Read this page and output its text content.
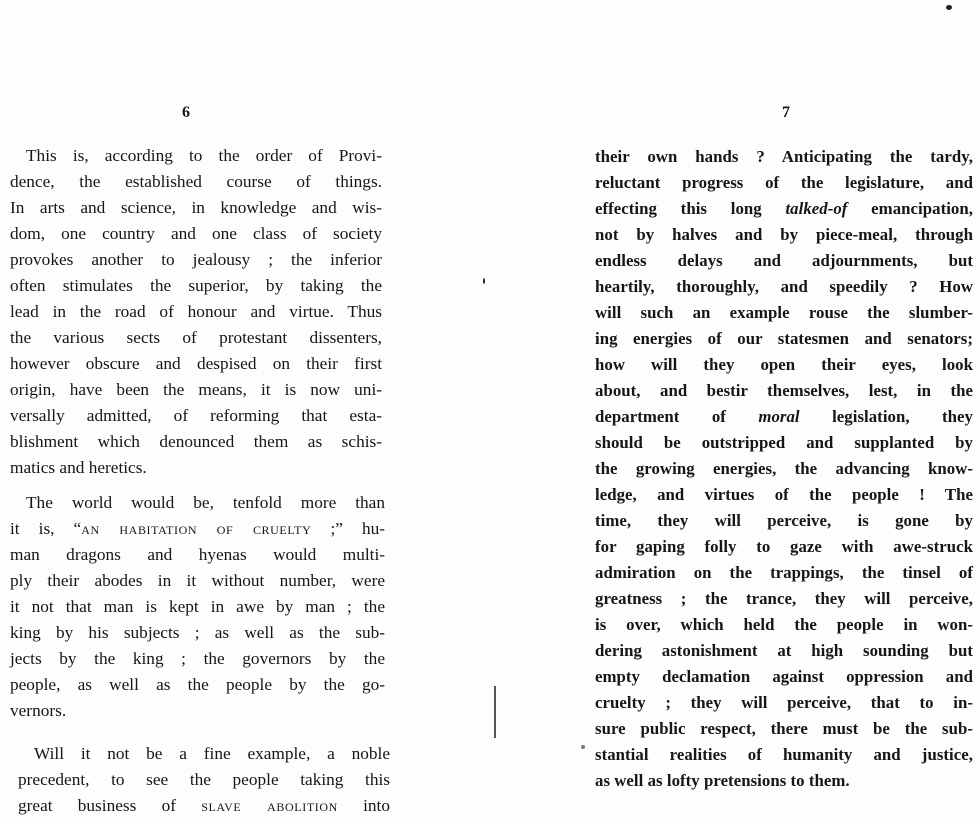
6
This is, according to the order of Provi-
dence, the established course of things.
In arts and science, in knowledge and wis-
dom, one country and one class of society
provokes another to jealousy ; the inferior
often stimulates the superior, by taking the
lead in the road of honour and virtue. Thus
the various sects of protestant dissenters,
however obscure and despised on their first
origin, have been the means, it is now uni-
versally admitted, of reforming that esta-
blishment which denounced them as schis-
matics and heretics.
The world would be, tenfold more than
it is, “an habitation of cruelty ;” hu-
man dragons and hyenas would multi-
ply their abodes in it without number, were
it not that man is kept in awe by man ; the
king by his subjects ; as well as the sub-
jects by the king ; the governors by the
people, as well as the people by the go-
vernors.
Will it not be a fine example, a noble
precedent, to see the people taking this
great business of slave abolition into
7
their own hands ? Anticipating the tardy,
reluctant progress of the legislature, and
effecting this long talked-of emancipation,
not by halves and by piece-meal, through
endless delays and adjournments, but
heartily, thoroughly, and speedily ? How
will such an example rouse the slumber-
ing energies of our statesmen and senators;
how will they open their eyes, look
about, and bestir themselves, lest, in the
department of moral legislation, they
should be outstripped and supplanted by
the growing energies, the advancing know-
ledge, and virtues of the people ! The
time, they will perceive, is gone by
for gaping folly to gaze with awe-struck
admiration on the trappings, the tinsel of
greatness ; the trance, they will perceive,
is over, which held the people in won-
dering astonishment at high sounding but
empty declamation against oppression and
cruelty ; they will perceive, that to in-
sure public respect, there must be the sub-
stantial realities of humanity and justice,
as well as lofty pretensions to them.
